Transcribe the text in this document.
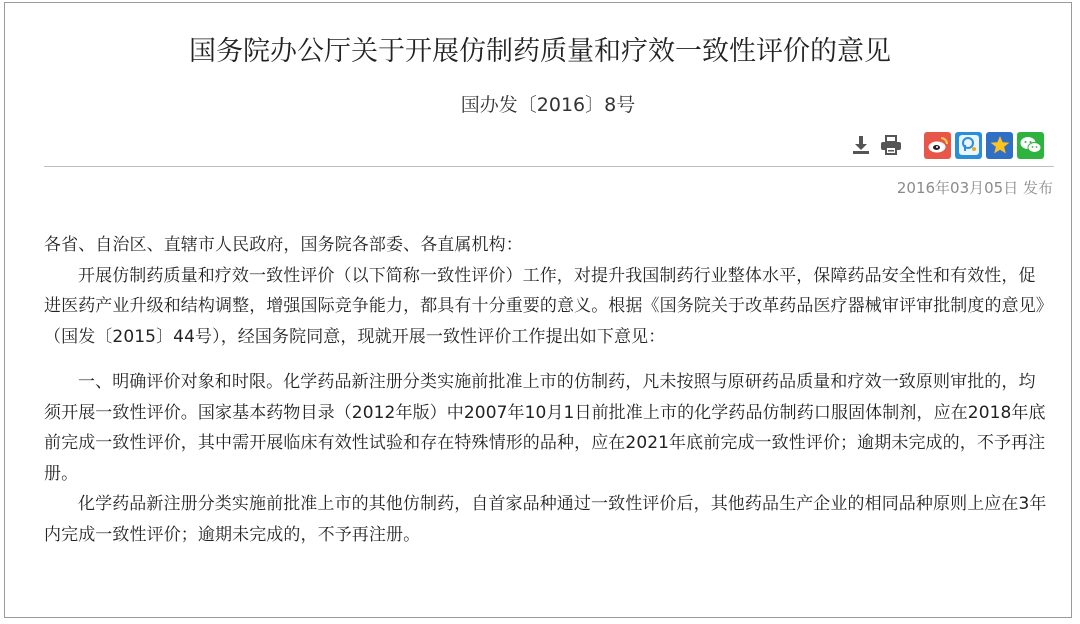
国务院办公厅关于开展仿制药质量和疗效一致性评价的意见
国办发〔2016〕8号
2016年03月05日 发布

各省、自治区、直辖市人民政府，国务院各部委、各直属机构：

开展仿制药质量和疗效一致性评价（以下简称一致性评价）工作，对提升我国制药行业整体水平，保障药品安全性和有效性，促进医药产业升级和结构调整，增强国际竞争能力，都具有十分重要的意义。根据《国务院关于改革药品医疗器械审评审批制度的意见》（国发〔2015〕44号），经国务院同意，现就开展一致性评价工作提出如下意见：

一、明确评价对象和时限。化学药品新注册分类实施前批准上市的仿制药，凡未按照与原研药品质量和疗效一致原则审批的，均须开展一致性评价。国家基本药物目录（2012年版）中2007年10月1日前批准上市的化学药品仿制药口服固体制剂，应在2018年底前完成一致性评价，其中需开展临床有效性试验和存在特殊情形的品种，应在2021年底前完成一致性评价；逾期未完成的，不予再注册。

化学药品新注册分类实施前批准上市的其他仿制药，自首家品种通过一致性评价后，其他药品生产企业的相同品种原则上应在3年内完成一致性评价；逾期未完成的，不予再注册。
